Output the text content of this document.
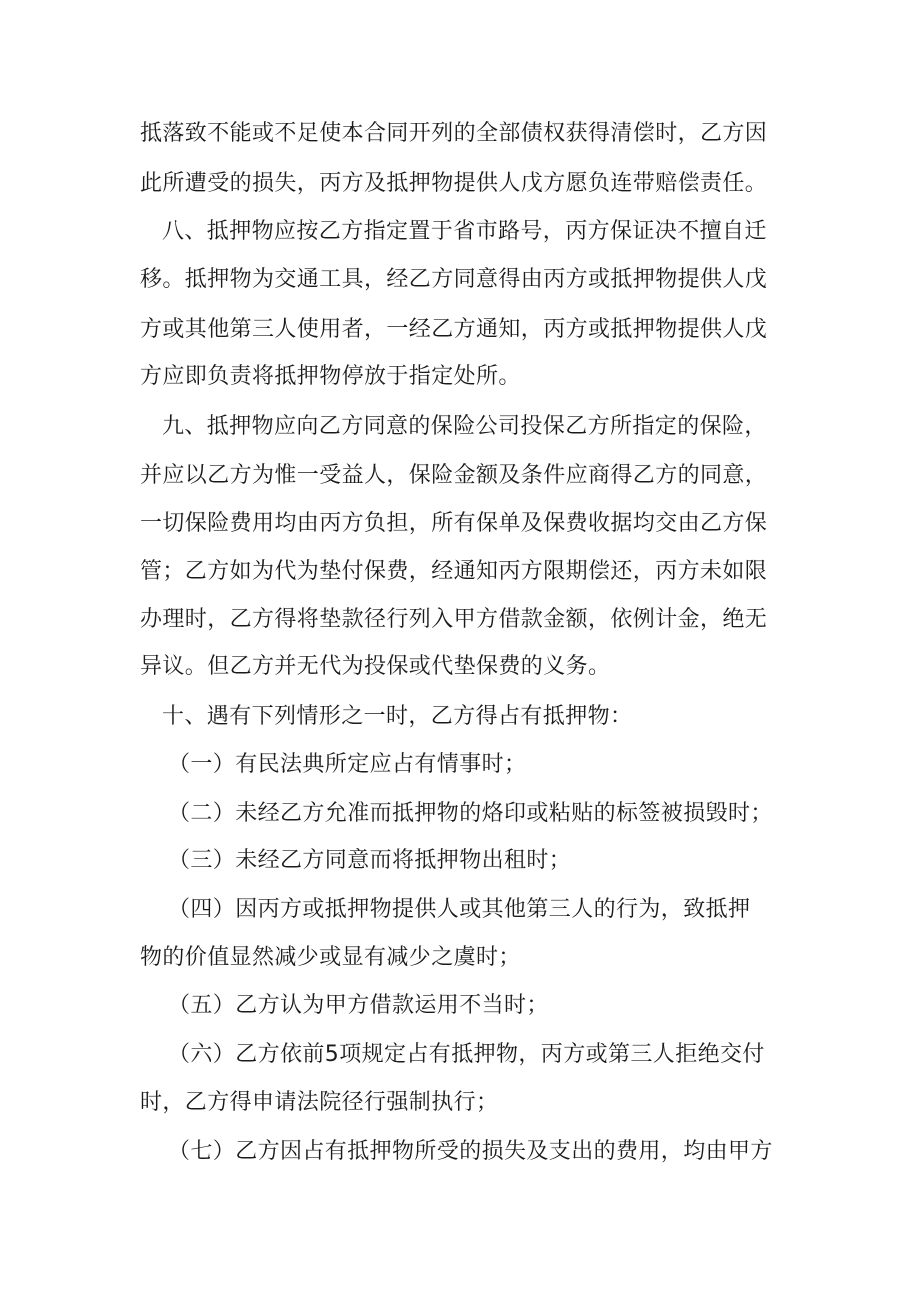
抵落致不能或不足使本合同开列的全部债权获得清偿时，乙方因

此所遭受的损失，丙方及抵押物提供人戊方愿负连带赔偿责任。

八、抵押物应按乙方指定置于省市路号，丙方保证决不擅自迁

移。抵押物为交通工具，经乙方同意得由丙方或抵押物提供人戊

方或其他第三人使用者，一经乙方通知，丙方或抵押物提供人戊

方应即负责将抵押物停放于指定处所。

九、抵押物应向乙方同意的保险公司投保乙方所指定的保险，

并应以乙方为惟一受益人，保险金额及条件应商得乙方的同意，

一切保险费用均由丙方负担，所有保单及保费收据均交由乙方保

管；乙方如为代为垫付保费，经通知丙方限期偿还，丙方未如限

办理时，乙方得将垫款径行列入甲方借款金额，依例计金，绝无

异议。但乙方并无代为投保或代垫保费的义务。

十、遇有下列情形之一时，乙方得占有抵押物：

（一）有民法典所定应占有情事时；

（二）未经乙方允准而抵押物的烙印或粘贴的标签被损毁时；

（三）未经乙方同意而将抵押物出租时；

（四）因丙方或抵押物提供人或其他第三人的行为，致抵押

物的价值显然减少或显有减少之虞时；

（五）乙方认为甲方借款运用不当时；

（六）乙方依前5项规定占有抵押物，丙方或第三人拒绝交付

时，乙方得申请法院径行强制执行；

（七）乙方因占有抵押物所受的损失及支出的费用，均由甲方
